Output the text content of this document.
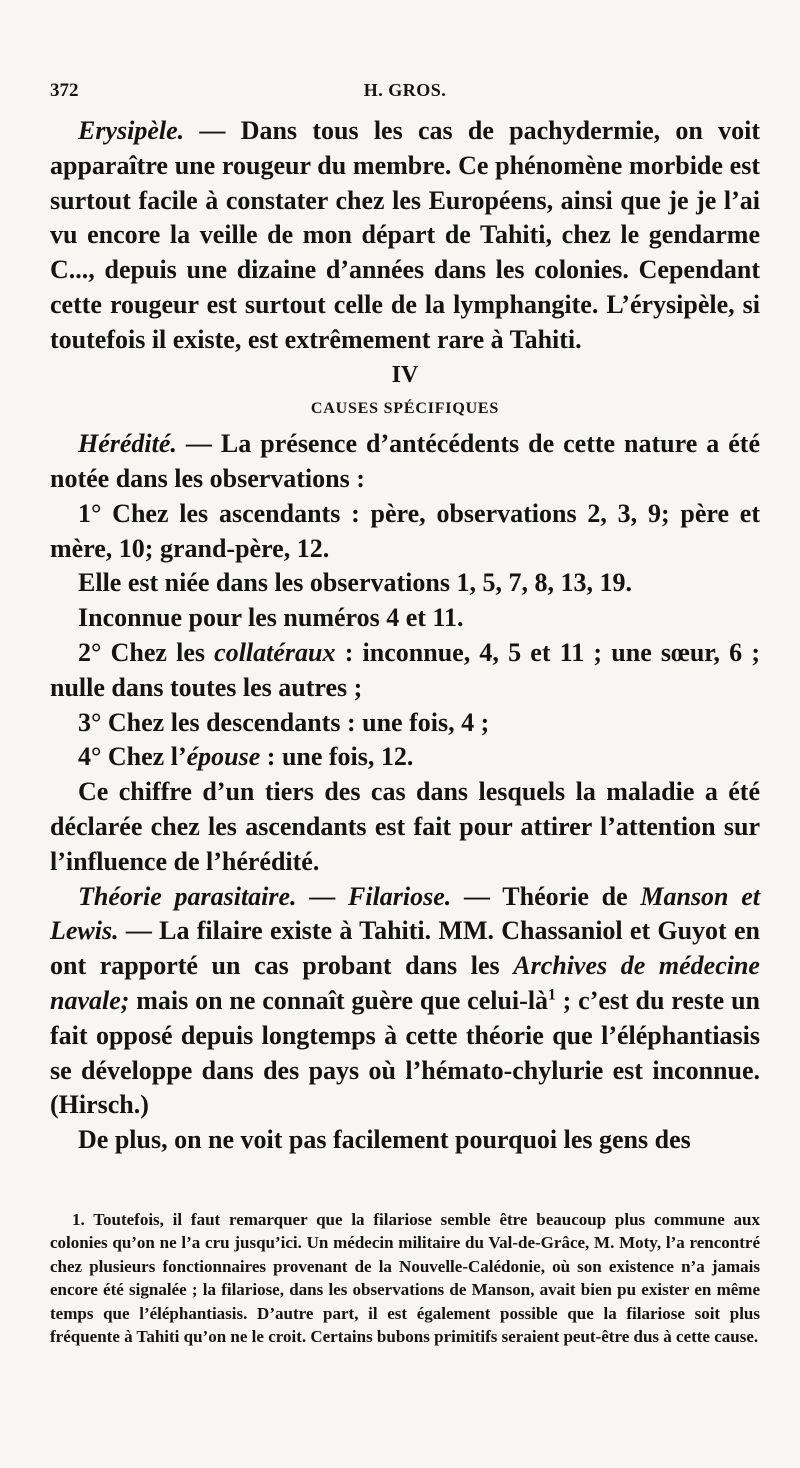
372	H. GROS.

Erysipèle. — Dans tous les cas de pachydermie, on voit apparaître une rougeur du membre. Ce phénomène morbide est surtout facile à constater chez les Européens, ainsi que je je l’ai vu encore la veille de mon départ de Tahiti, chez le gendarme C..., depuis une dizaine d’années dans les colonies. Cependant cette rougeur est surtout celle de la lymphangite. L’érysipèle, si toutefois il existe, est extrêmement rare à Tahiti.

IV

CAUSES SPÉCIFIQUES

Hérédité. — La présence d’antécédents de cette nature a été notée dans les observations :

1° Chez les ascendants : père, observations 2, 3, 9; père et mère, 10; grand-père, 12.

Elle est niée dans les observations 1, 5, 7, 8, 13, 19.

Inconnue pour les numéros 4 et 11.

2° Chez les collatéraux : inconnue, 4, 5 et 11 ; une sœur, 6 ; nulle dans toutes les autres ;

3° Chez les descendants : une fois, 4 ;

4° Chez l’épouse : une fois, 12.

Ce chiffre d’un tiers des cas dans lesquels la maladie a été déclarée chez les ascendants est fait pour attirer l’attention sur l’influence de l’hérédité.

Théorie parasitaire. — Filariose. — Théorie de Manson et Lewis. — La filaire existe à Tahiti. MM. Chassaniol et Guyot en ont rapporté un cas probant dans les Archives de médecine navale; mais on ne connaît guère que celui-$là^1$ ; c’est du reste un fait opposé depuis longtemps à cette théorie que l’éléphantiasis se développe dans des pays où l’hémato-chylurie est inconnue. (Hirsch.)

De plus, on ne voit pas facilement pourquoi les gens des

1. Toutefois, il faut remarquer que la filariose semble être beaucoup plus commune aux colonies qu’on ne l’a cru jusqu’ici. Un médecin militaire du Val-de-Grâce, M. Moty, l’a rencontré chez plusieurs fonctionnaires provenant de la Nouvelle-Calédonie, où son existence n’a jamais encore été signalée ; la filariose, dans les observations de Manson, avait bien pu exister en même temps que l’éléphantiasis. D’autre part, il est également possible que la filariose soit plus fréquente à Tahiti qu’on ne le croit. Certains bubons primitifs seraient peut-être dus à cette cause.
